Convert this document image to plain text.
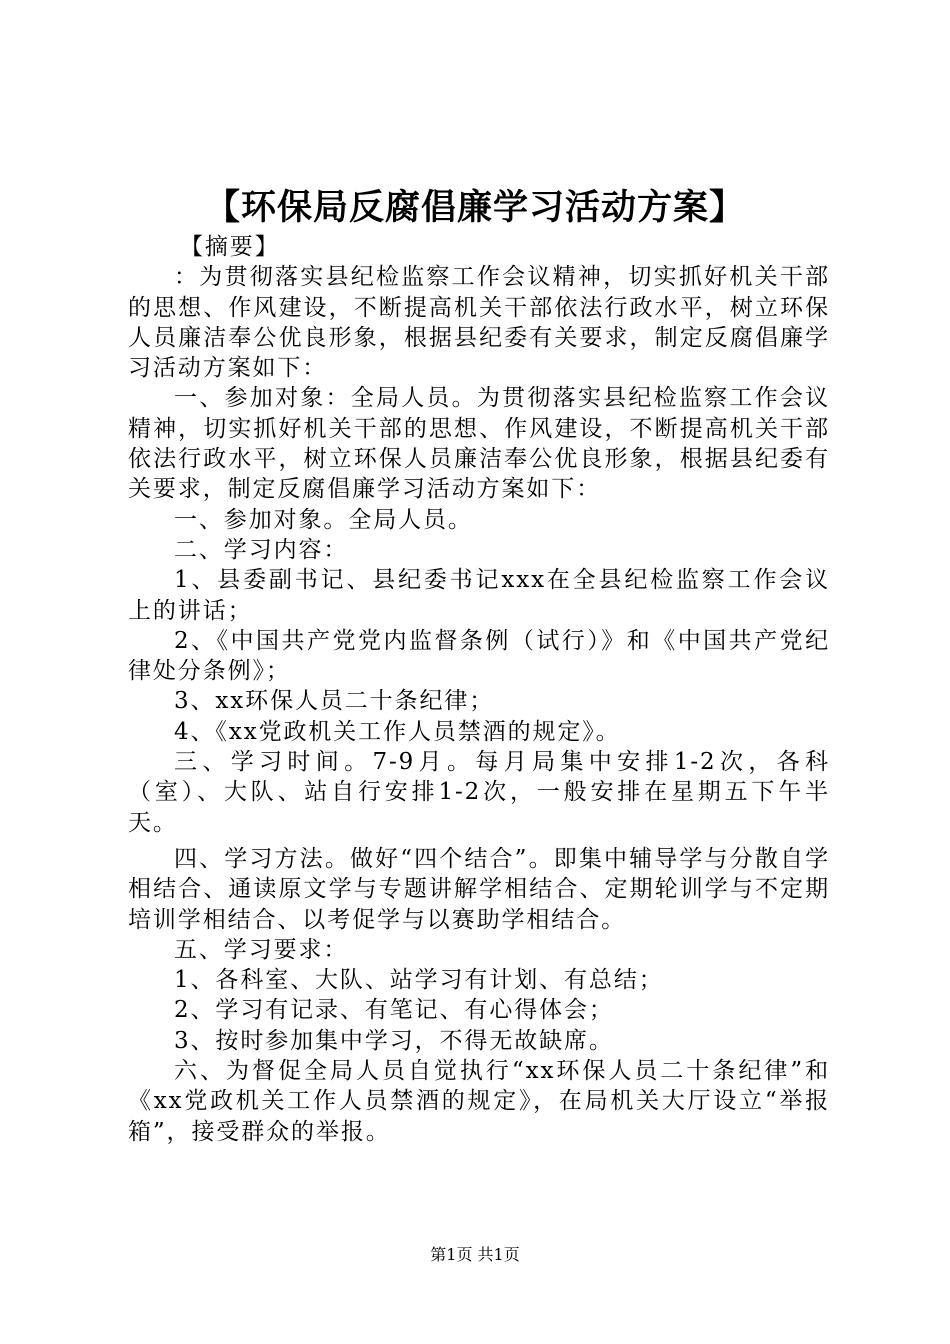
【环保局反腐倡廉学习活动方案】

【摘要】

：为贯彻落实县纪检监察工作会议精神，切实抓好机关干部的思想、作风建设，不断提高机关干部依法行政水平，树立环保人员廉洁奉公优良形象，根据县纪委有关要求，制定反腐倡廉学习活动方案如下：

一、参加对象：全局人员。为贯彻落实县纪检监察工作会议精神，切实抓好机关干部的思想、作风建设，不断提高机关干部依法行政水平，树立环保人员廉洁奉公优良形象，根据县纪委有关要求，制定反腐倡廉学习活动方案如下：

一、参加对象。全局人员。

二、学习内容：

1、县委副书记、县纪委书记xxx在全县纪检监察工作会议上的讲话；

2、《中国共产党党内监督条例（试行）》和《中国共产党纪律处分条例》；

3、xx环保人员二十条纪律；

4、《xx党政机关工作人员禁酒的规定》。

三、学习时间。7-9月。每月局集中安排1-2次，各科（室）、大队、站自行安排1-2次，一般安排在星期五下午半天。

四、学习方法。做好“四个结合”。即集中辅导学与分散自学相结合、通读原文学与专题讲解学相结合、定期轮训学与不定期培训学相结合、以考促学与以赛助学相结合。

五、学习要求：

1、各科室、大队、站学习有计划、有总结；

2、学习有记录、有笔记、有心得体会；

3、按时参加集中学习，不得无故缺席。

六、为督促全局人员自觉执行“xx环保人员二十条纪律”和《xx党政机关工作人员禁酒的规定》，在局机关大厅设立“举报箱”，接受群众的举报。

第1页 共1页
